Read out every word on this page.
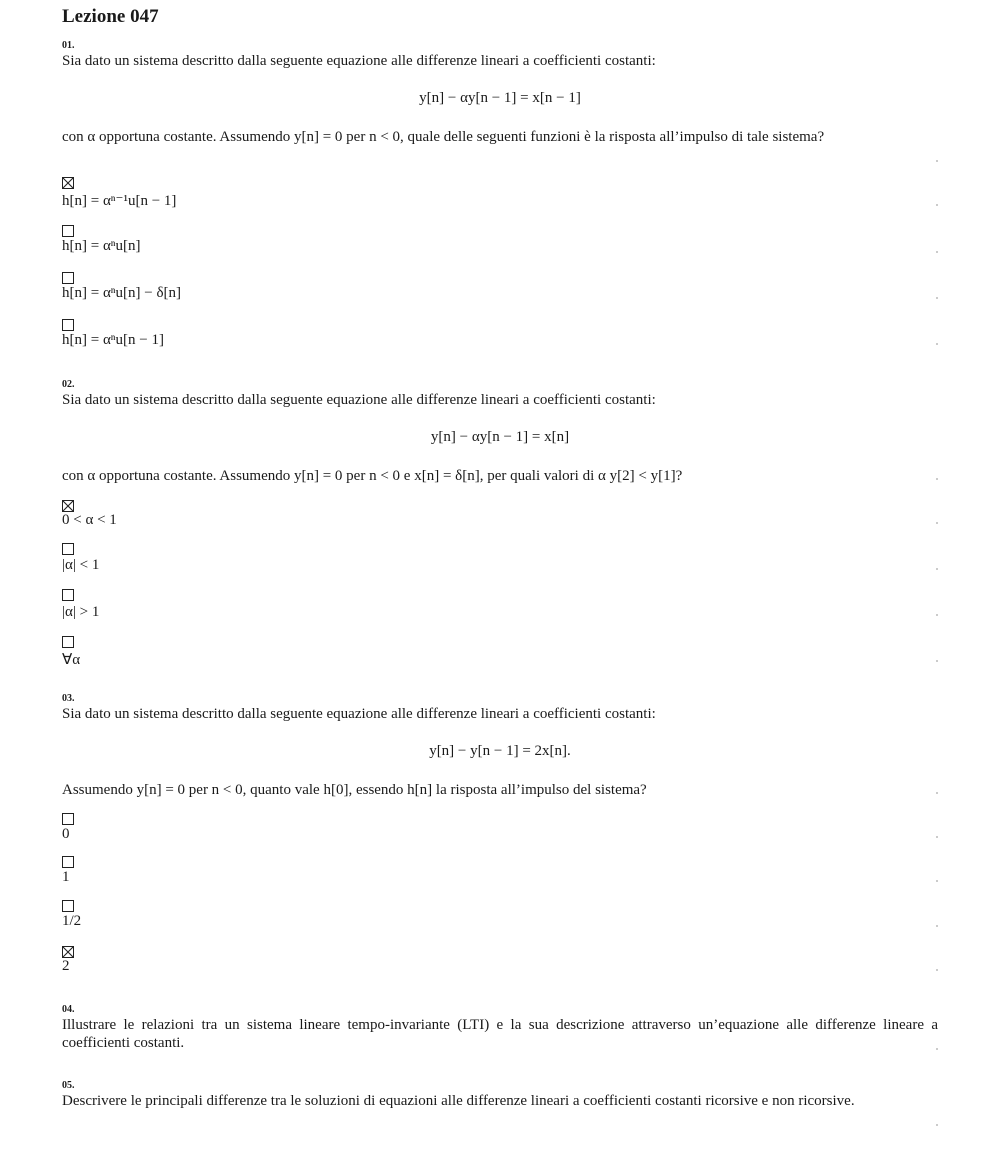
Lezione 047
01.
Sia dato un sistema descritto dalla seguente equazione alle differenze lineari a coefficienti costanti:
y[n] − αy[n − 1] = x[n − 1]
con α opportuna costante. Assumendo y[n] = 0 per n < 0, quale delle seguenti funzioni è la risposta all’impulso di tale sistema?
h[n] = αⁿ⁻¹u[n − 1]
h[n] = αⁿu[n]
h[n] = αⁿu[n] − δ[n]
h[n] = αⁿu[n − 1]
02.
Sia dato un sistema descritto dalla seguente equazione alle differenze lineari a coefficienti costanti:
y[n] − αy[n − 1] = x[n]
con α opportuna costante. Assumendo y[n] = 0 per n < 0 e x[n] = δ[n], per quali valori di α y[2] < y[1]?
0 < α < 1
|α| < 1
|α| > 1
∀α
03.
Sia dato un sistema descritto dalla seguente equazione alle differenze lineari a coefficienti costanti:
y[n] − y[n − 1] = 2x[n].
Assumendo y[n] = 0 per n < 0, quanto vale h[0], essendo h[n] la risposta all’impulso del sistema?
0
1
1/2
2
04.
Illustrare le relazioni tra un sistema lineare tempo-invariante (LTI) e la sua descrizione attraverso un’equazione alle differenze lineare a coefficienti costanti.
05.
Descrivere le principali differenze tra le soluzioni di equazioni alle differenze lineari a coefficienti costanti ricorsive e non ricorsive.
